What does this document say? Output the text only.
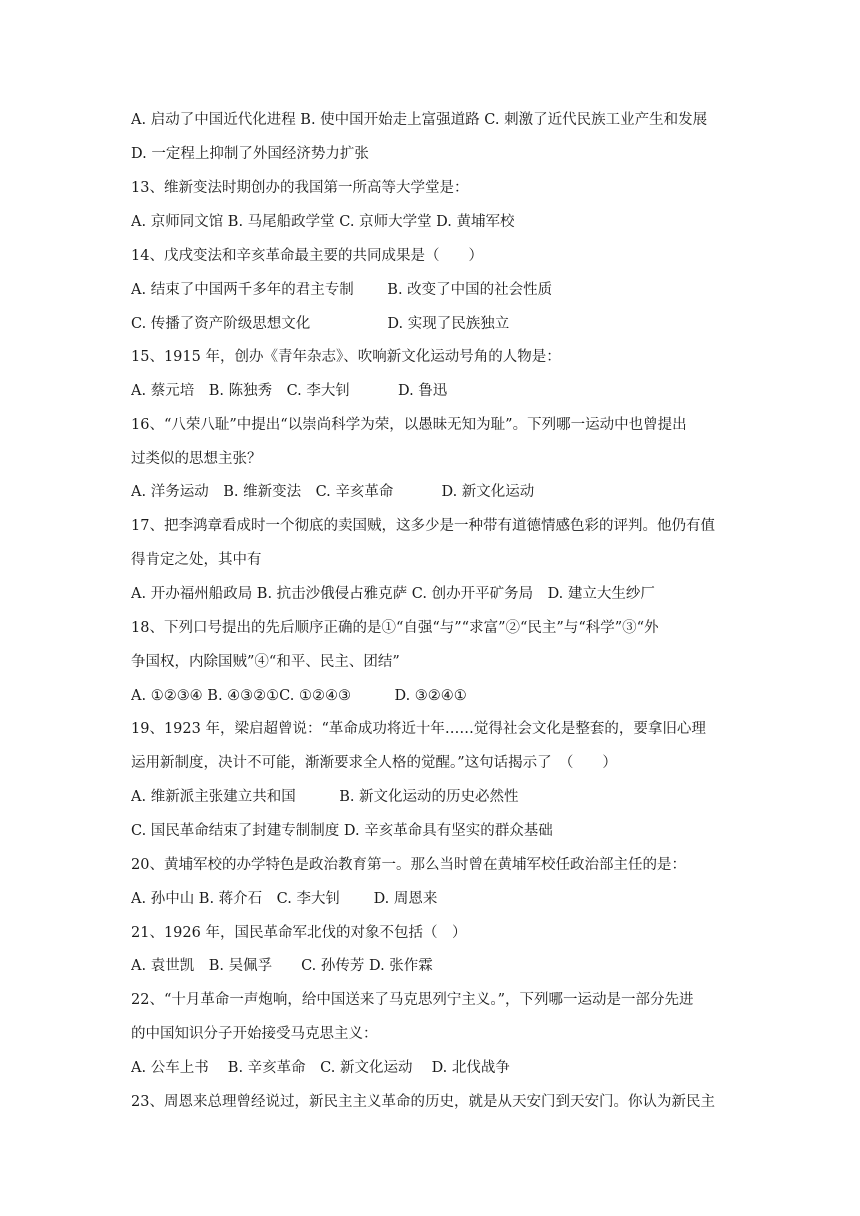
A. 启动了中国近代化进程 B. 使中国开始走上富强道路 C. 刺激了近代民族工业产生和发展
D. 一定程上抑制了外国经济势力扩张
13、维新变法时期创办的我国第一所高等大学堂是：
A. 京师同文馆 B. 马尾船政学堂 C. 京师大学堂 D. 黄埔军校
14、戊戌变法和辛亥革命最主要的共同成果是（　　）
A. 结束了中国两千多年的君主专制　　 B. 改变了中国的社会性质
C. 传播了资产阶级思想文化　　　　　 D. 实现了民族独立
15、1915 年，创办《青年杂志》、吹响新文化运动号角的人物是：
A. 蔡元培　B. 陈独秀　C. 李大钊　　　 D. 鲁迅
16、“八荣八耻”中提出“以崇尚科学为荣，以愚昧无知为耻”。下列哪一运动中也曾提出
过类似的思想主张？
A. 洋务运动　B. 维新变法　C. 辛亥革命　　　 D. 新文化运动
17、把李鸿章看成时一个彻底的卖国贼，这多少是一种带有道德情感色彩的评判。他仍有值
得肯定之处，其中有
A. 开办福州船政局 B. 抗击沙俄侵占雅克萨 C. 创办开平矿务局　D. 建立大生纱厂
18、下列口号提出的先后顺序正确的是①“自强“与”“求富”②“民主”与“科学”③“外
争国权，内除国贼”④“和平、民主、团结”
A. ①②③④ B. ④③②①C. ①②④③　　　D. ③②④①
19、1923 年，梁启超曾说：“革命成功将近十年……觉得社会文化是整套的，要拿旧心理
运用新制度，决计不可能，渐渐要求全人格的觉醒。”这句话揭示了　（　　）
A. 维新派主张建立共和国　　　B. 新文化运动的历史必然性
C. 国民革命结束了封建专制制度 D. 辛亥革命具有坚实的群众基础
20、黄埔军校的办学特色是政治教育第一。那么当时曾在黄埔军校任政治部主任的是：
A. 孙中山 B. 蒋介石　C. 李大钊　　 D. 周恩来
21、1926 年，国民革命军北伐的对象不包括（　）
A. 袁世凯　B. 吴佩孚　　C. 孙传芳 D. 张作霖
22、“十月革命一声炮响，给中国送来了马克思列宁主义。”，下列哪一运动是一部分先进
的中国知识分子开始接受马克思主义：
A. 公车上书　 B. 辛亥革命　C. 新文化运动　 D. 北伐战争
23、周恩来总理曾经说过，新民主主义革命的历史，就是从天安门到天安门。你认为新民主
